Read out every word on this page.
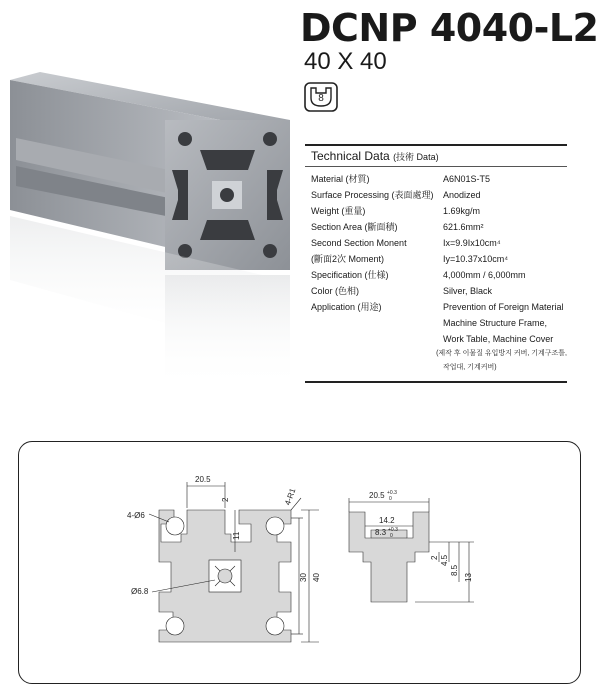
DCNP 4040-L2
40 X 40
8
Technical Data (技術 Data)
Material (材質)	A6N01S-T5
Surface Processing (表面處理)	Anodized
Weight (重量)	1.69kg/m
Section Area (斷面積)	621.6mm²
Second Section Monent	Ix=9.9Ix10cm⁴
(斷面2次 Moment)	Iy=10.37x10cm⁴
Specification (仕様)	4,000mm / 6,000mm
Color (色相)	Silver, Black
Application (用途)	Prevention of Foreign Material
Machine Structure Frame,
Work Table, Machine Cover
(제작 후 이물질 유입방지 커버, 기계구조틀,
작업대, 기계커버)
20.5
2	4-R1
4-Ø6
Ø6.8
11
30 40
20.5 +0.3
0
14.2
8.3 +0.3
0
2 4.5
8.5
13
